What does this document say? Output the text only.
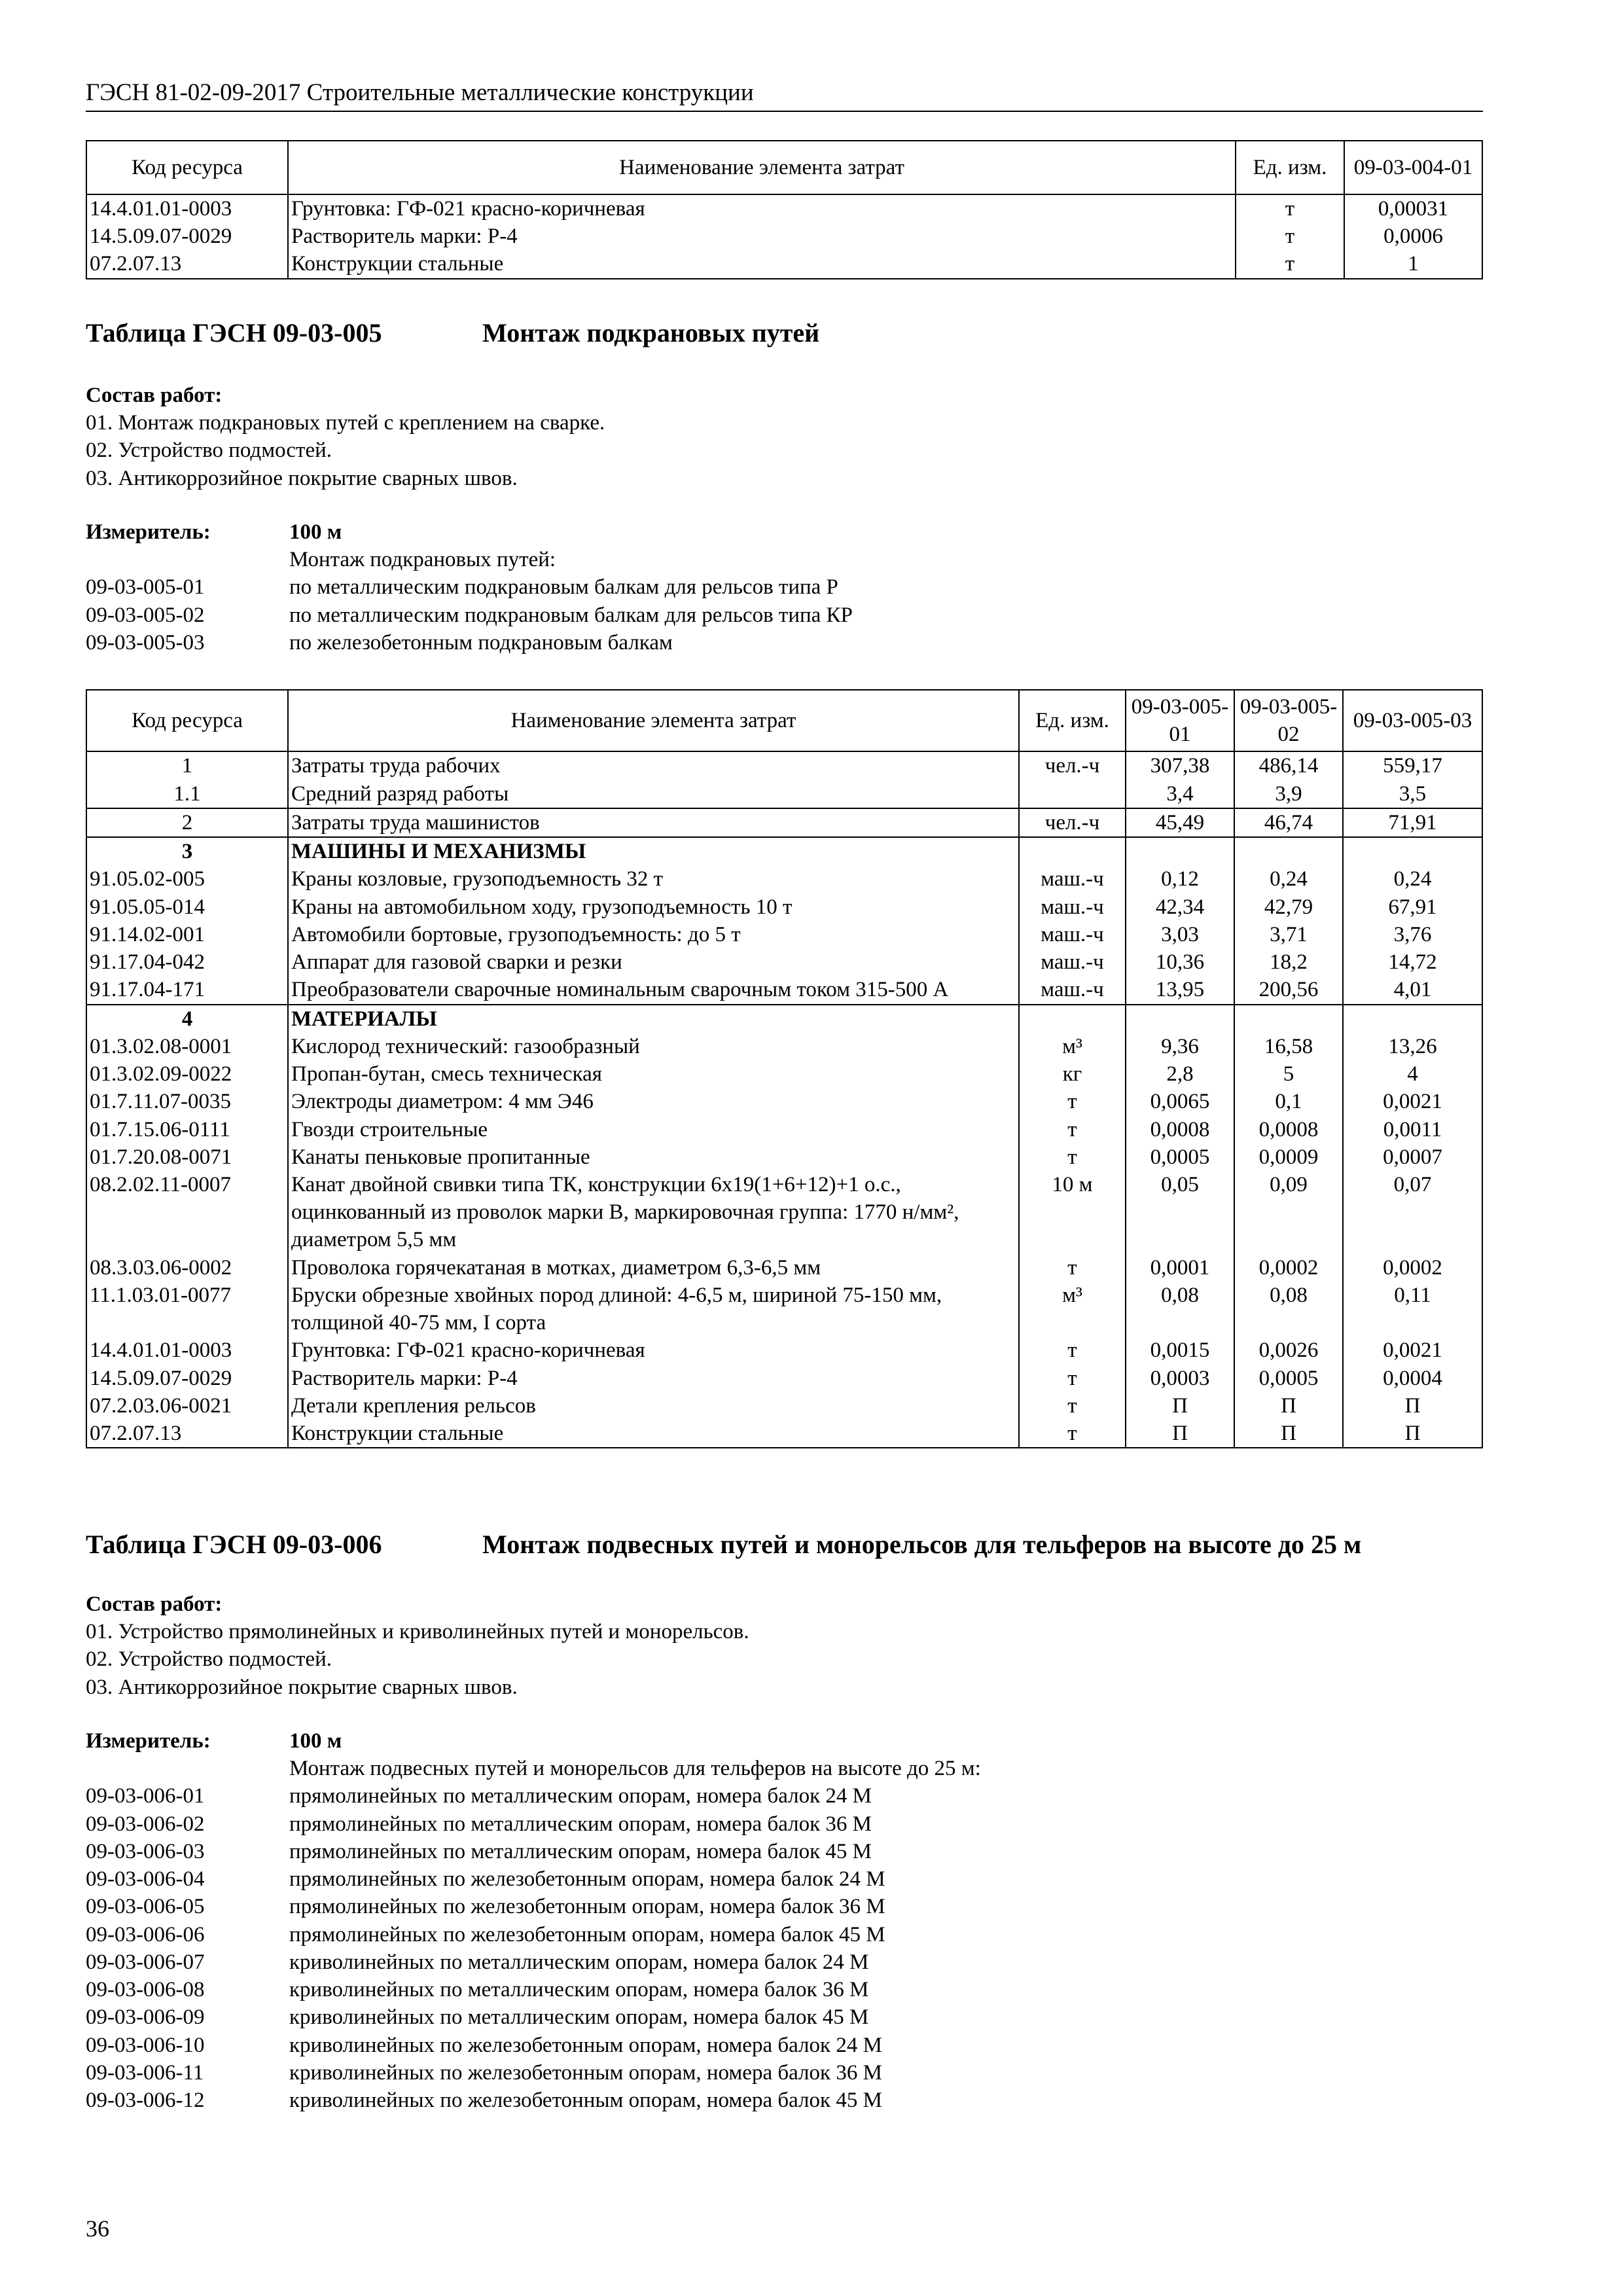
ГЭСН 81-02-09-2017 Строительные металлические конструкции
Код ресурса	Наименование элемента затрат	Ед. изм.	09-03-004-01
14.4.01.01-0003	Грунтовка: ГФ-021 красно-коричневая	т	0,00031
14.5.09.07-0029	Растворитель марки: Р-4	т	0,0006
07.2.07.13	Конструкции стальные	т	1
Таблица ГЭСН 09-03-005	Монтаж подкрановых путей
Состав работ:
01. Монтаж подкрановых путей с креплением на сварке.
02. Устройство подмостей.
03. Антикоррозийное покрытие сварных швов.
Измеритель:	100 м
Монтаж подкрановых путей:
09-03-005-01	по металлическим подкрановым балкам для рельсов типа Р
09-03-005-02	по металлическим подкрановым балкам для рельсов типа КР
09-03-005-03	по железобетонным подкрановым балкам
Код ресурса	Наименование элемента затрат	Ед. изм.	09-03-005-01	09-03-005-02	09-03-005-03
1	Затраты труда рабочих	чел.-ч	307,38	486,14	559,17
1.1	Средний разряд работы		3,4	3,9	3,5
2	Затраты труда машинистов	чел.-ч	45,49	46,74	71,91
3	МАШИНЫ И МЕХАНИЗМЫ				
91.05.02-005	Краны козловые, грузоподъемность 32 т	маш.-ч	0,12	0,24	0,24
91.05.05-014	Краны на автомобильном ходу, грузоподъемность 10 т	маш.-ч	42,34	42,79	67,91
91.14.02-001	Автомобили бортовые, грузоподъемность: до 5 т	маш.-ч	3,03	3,71	3,76
91.17.04-042	Аппарат для газовой сварки и резки	маш.-ч	10,36	18,2	14,72
91.17.04-171	Преобразователи сварочные номинальным сварочным током 315-500 А	маш.-ч	13,95	200,56	4,01
4	МАТЕРИАЛЫ				
01.3.02.08-0001	Кислород технический: газообразный	м³	9,36	16,58	13,26
01.3.02.09-0022	Пропан-бутан, смесь техническая	кг	2,8	5	4
01.7.11.07-0035	Электроды диаметром: 4 мм Э46	т	0,0065	0,1	0,0021
01.7.15.06-0111	Гвозди строительные	т	0,0008	0,0008	0,0011
01.7.20.08-0071	Канаты пеньковые пропитанные	т	0,0005	0,0009	0,0007
08.2.02.11-0007	Канат двойной свивки типа ТК, конструкции 6х19(1+6+12)+1 о.с., оцинкованный из проволок марки В, маркировочная группа: 1770 н/мм², диаметром 5,5 мм	10 м	0,05	0,09	0,07
08.3.03.06-0002	Проволока горячекатаная в мотках, диаметром 6,3-6,5 мм	т	0,0001	0,0002	0,0002
11.1.03.01-0077	Бруски обрезные хвойных пород длиной: 4-6,5 м, шириной 75-150 мм, толщиной 40-75 мм, I сорта	м³	0,08	0,08	0,11
14.4.01.01-0003	Грунтовка: ГФ-021 красно-коричневая	т	0,0015	0,0026	0,0021
14.5.09.07-0029	Растворитель марки: Р-4	т	0,0003	0,0005	0,0004
07.2.03.06-0021	Детали крепления рельсов	т	П	П	П
07.2.07.13	Конструкции стальные	т	П	П	П
Таблица ГЭСН 09-03-006	Монтаж подвесных путей и монорельсов для тельферов на высоте до 25 м
Состав работ:
01. Устройство прямолинейных и криволинейных путей и монорельсов.
02. Устройство подмостей.
03. Антикоррозийное покрытие сварных швов.
Измеритель:	100 м
Монтаж подвесных путей и монорельсов для тельферов на высоте до 25 м:
09-03-006-01	прямолинейных по металлическим опорам, номера балок 24 М
09-03-006-02	прямолинейных по металлическим опорам, номера балок 36 М
09-03-006-03	прямолинейных по металлическим опорам, номера балок 45 М
09-03-006-04	прямолинейных по железобетонным опорам, номера балок 24 М
09-03-006-05	прямолинейных по железобетонным опорам, номера балок 36 М
09-03-006-06	прямолинейных по железобетонным опорам, номера балок 45 М
09-03-006-07	криволинейных по металлическим опорам, номера балок 24 М
09-03-006-08	криволинейных по металлическим опорам, номера балок 36 М
09-03-006-09	криволинейных по металлическим опорам, номера балок 45 М
09-03-006-10	криволинейных по железобетонным опорам, номера балок 24 М
09-03-006-11	криволинейных по железобетонным опорам, номера балок 36 М
09-03-006-12	криволинейных по железобетонным опорам, номера балок 45 М
36
